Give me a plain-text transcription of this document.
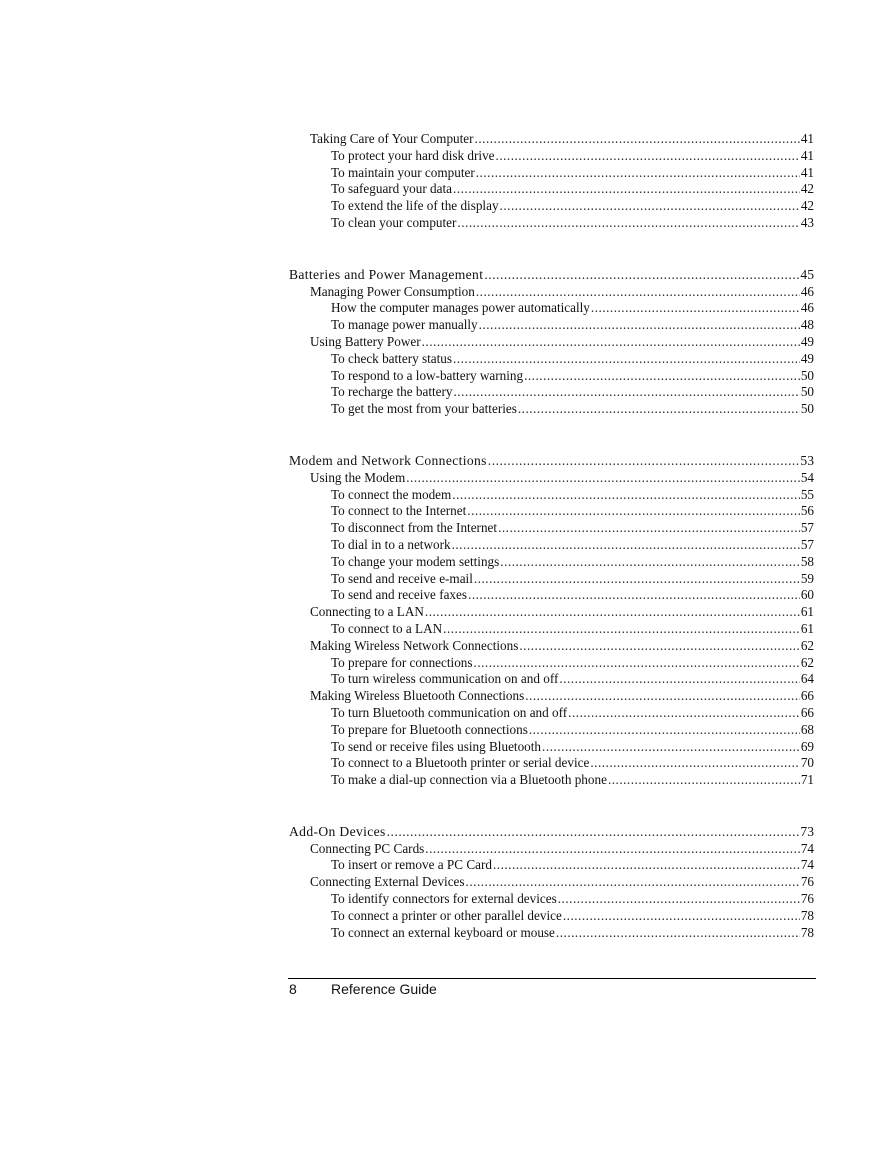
Taking Care of Your Computer .....	41
To protect your hard disk drive .....	41
To maintain your computer .....	41
To safeguard your data .....	42
To extend the life of the display .....	42
To clean your computer .....	43
Batteries and Power Management .....	45
Managing Power Consumption .....	46
How the computer manages power automatically .....	46
To manage power manually .....	48
Using Battery Power .....	49
To check battery status .....	49
To respond to a low-battery warning .....	50
To recharge the battery .....	50
To get the most from your batteries .....	50
Modem and Network Connections .....	53
Using the Modem .....	54
To connect the modem .....	55
To connect to the Internet .....	56
To disconnect from the Internet .....	57
To dial in to a network .....	57
To change your modem settings .....	58
To send and receive e-mail .....	59
To send and receive faxes .....	60
Connecting to a LAN .....	61
To connect to a LAN .....	61
Making Wireless Network Connections .....	62
To prepare for connections .....	62
To turn wireless communication on and off .....	64
Making Wireless Bluetooth Connections .....	66
To turn Bluetooth communication on and off .....	66
To prepare for Bluetooth connections .....	68
To send or receive files using Bluetooth .....	69
To connect to a Bluetooth printer or serial device .....	70
To make a dial-up connection via a Bluetooth phone .....	71
Add-On Devices .....	73
Connecting PC Cards .....	74
To insert or remove a PC Card .....	74
Connecting External Devices .....	76
To identify connectors for external devices .....	76
To connect a printer or other parallel device .....	78
To connect an external keyboard or mouse .....	78
8 Reference Guide
